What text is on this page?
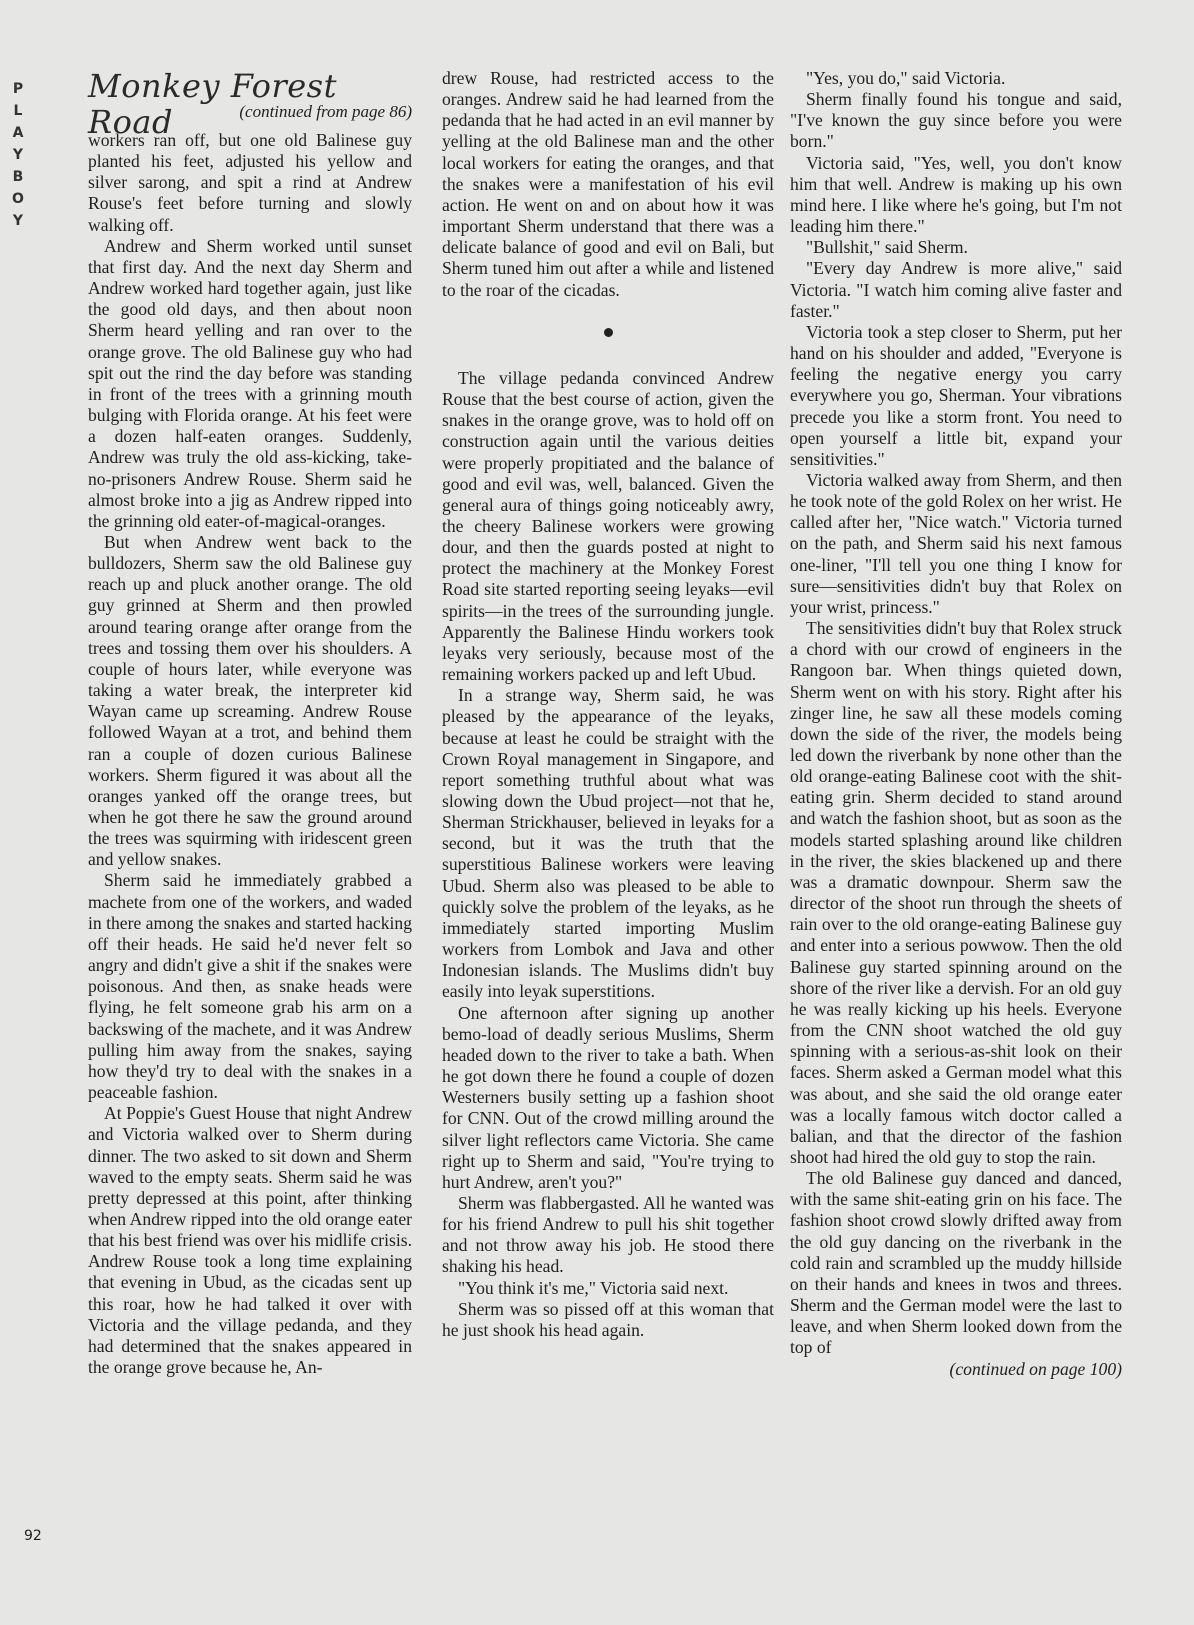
P
L
A
Y
B
O
Y
Monkey Forest Road	(continued from page 86)

workers ran off, but one old Balinese guy planted his feet, adjusted his yellow and silver sarong, and spit a rind at Andrew Rouse's feet before turning and slowly walking off.

Andrew and Sherm worked until sunset that first day. And the next day Sherm and Andrew worked hard together again, just like the good old days, and then about noon Sherm heard yelling and ran over to the orange grove. The old Balinese guy who had spit out the rind the day before was standing in front of the trees with a grinning mouth bulging with Florida orange. At his feet were a dozen half-eaten oranges. Suddenly, Andrew was truly the old ass-kicking, take-no-prisoners Andrew Rouse. Sherm said he almost broke into a jig as Andrew ripped into the grinning old eater-of-magical-oranges.

But when Andrew went back to the bulldozers, Sherm saw the old Balinese guy reach up and pluck another orange. The old guy grinned at Sherm and then prowled around tearing orange after orange from the trees and tossing them over his shoulders. A couple of hours later, while everyone was taking a water break, the interpreter kid Wayan came up screaming. Andrew Rouse followed Wayan at a trot, and behind them ran a couple of dozen curious Balinese workers. Sherm figured it was about all the oranges yanked off the orange trees, but when he got there he saw the ground around the trees was squirming with iridescent green and yellow snakes.

Sherm said he immediately grabbed a machete from one of the workers, and waded in there among the snakes and started hacking off their heads. He said he'd never felt so angry and didn't give a shit if the snakes were poisonous. And then, as snake heads were flying, he felt someone grab his arm on a backswing of the machete, and it was Andrew pulling him away from the snakes, saying how they'd try to deal with the snakes in a peaceable fashion.

At Poppie's Guest House that night Andrew and Victoria walked over to Sherm during dinner. The two asked to sit down and Sherm waved to the empty seats. Sherm said he was pretty depressed at this point, after thinking when Andrew ripped into the old orange eater that his best friend was over his midlife crisis. Andrew Rouse took a long time explaining that evening in Ubud, as the cicadas sent up this roar, how he had talked it over with Victoria and the village pedanda, and they had determined that the snakes appeared in the orange grove because he, An-

drew Rouse, had restricted access to the oranges. Andrew said he had learned from the pedanda that he had acted in an evil manner by yelling at the old Balinese man and the other local workers for eating the oranges, and that the snakes were a manifestation of his evil action. He went on and on about how it was important Sherm understand that there was a delicate balance of good and evil on Bali, but Sherm tuned him out after a while and listened to the roar of the cicadas.

The village pedanda convinced Andrew Rouse that the best course of action, given the snakes in the orange grove, was to hold off on construction again until the various deities were properly propitiated and the balance of good and evil was, well, balanced. Given the general aura of things going noticeably awry, the cheery Balinese workers were growing dour, and then the guards posted at night to protect the machinery at the Monkey Forest Road site started reporting seeing leyaks—evil spirits—in the trees of the surrounding jungle. Apparently the Balinese Hindu workers took leyaks very seriously, because most of the remaining workers packed up and left Ubud.

In a strange way, Sherm said, he was pleased by the appearance of the leyaks, because at least he could be straight with the Crown Royal management in Singapore, and report something truthful about what was slowing down the Ubud project—not that he, Sherman Strickhauser, believed in leyaks for a second, but it was the truth that the superstitious Balinese workers were leaving Ubud. Sherm also was pleased to be able to quickly solve the problem of the leyaks, as he immediately started importing Muslim workers from Lombok and Java and other Indonesian islands. The Muslims didn't buy easily into leyak superstitions.

One afternoon after signing up another bemo-load of deadly serious Muslims, Sherm headed down to the river to take a bath. When he got down there he found a couple of dozen Westerners busily setting up a fashion shoot for CNN. Out of the crowd milling around the silver light reflectors came Victoria. She came right up to Sherm and said, "You're trying to hurt Andrew, aren't you?"

Sherm was flabbergasted. All he wanted was for his friend Andrew to pull his shit together and not throw away his job. He stood there shaking his head.

"You think it's me," Victoria said next.

Sherm was so pissed off at this woman that he just shook his head again.

"Yes, you do," said Victoria.

Sherm finally found his tongue and said, "I've known the guy since before you were born."

Victoria said, "Yes, well, you don't know him that well. Andrew is making up his own mind here. I like where he's going, but I'm not leading him there."

"Bullshit," said Sherm.

"Every day Andrew is more alive," said Victoria. "I watch him coming alive faster and faster."

Victoria took a step closer to Sherm, put her hand on his shoulder and added, "Everyone is feeling the negative energy you carry everywhere you go, Sherman. Your vibrations precede you like a storm front. You need to open yourself a little bit, expand your sensitivities."

Victoria walked away from Sherm, and then he took note of the gold Rolex on her wrist. He called after her, "Nice watch." Victoria turned on the path, and Sherm said his next famous one-liner, "I'll tell you one thing I know for sure—sensitivities didn't buy that Rolex on your wrist, princess."

The sensitivities didn't buy that Rolex struck a chord with our crowd of engineers in the Rangoon bar. When things quieted down, Sherm went on with his story. Right after his zinger line, he saw all these models coming down the side of the river, the models being led down the riverbank by none other than the old orange-eating Balinese coot with the shit-eating grin. Sherm decided to stand around and watch the fashion shoot, but as soon as the models started splashing around like children in the river, the skies blackened up and there was a dramatic downpour. Sherm saw the director of the shoot run through the sheets of rain over to the old orange-eating Balinese guy and enter into a serious powwow. Then the old Balinese guy started spinning around on the shore of the river like a dervish. For an old guy he was really kicking up his heels. Everyone from the CNN shoot watched the old guy spinning with a serious-as-shit look on their faces. Sherm asked a German model what this was about, and she said the old orange eater was a locally famous witch doctor called a balian, and that the director of the fashion shoot had hired the old guy to stop the rain.

The old Balinese guy danced and danced, with the same shit-eating grin on his face. The fashion shoot crowd slowly drifted away from the old guy dancing on the riverbank in the cold rain and scrambled up the muddy hillside on their hands and knees in twos and threes. Sherm and the German model were the last to leave, and when Sherm looked down from the top of

(continued on page 100)
92
